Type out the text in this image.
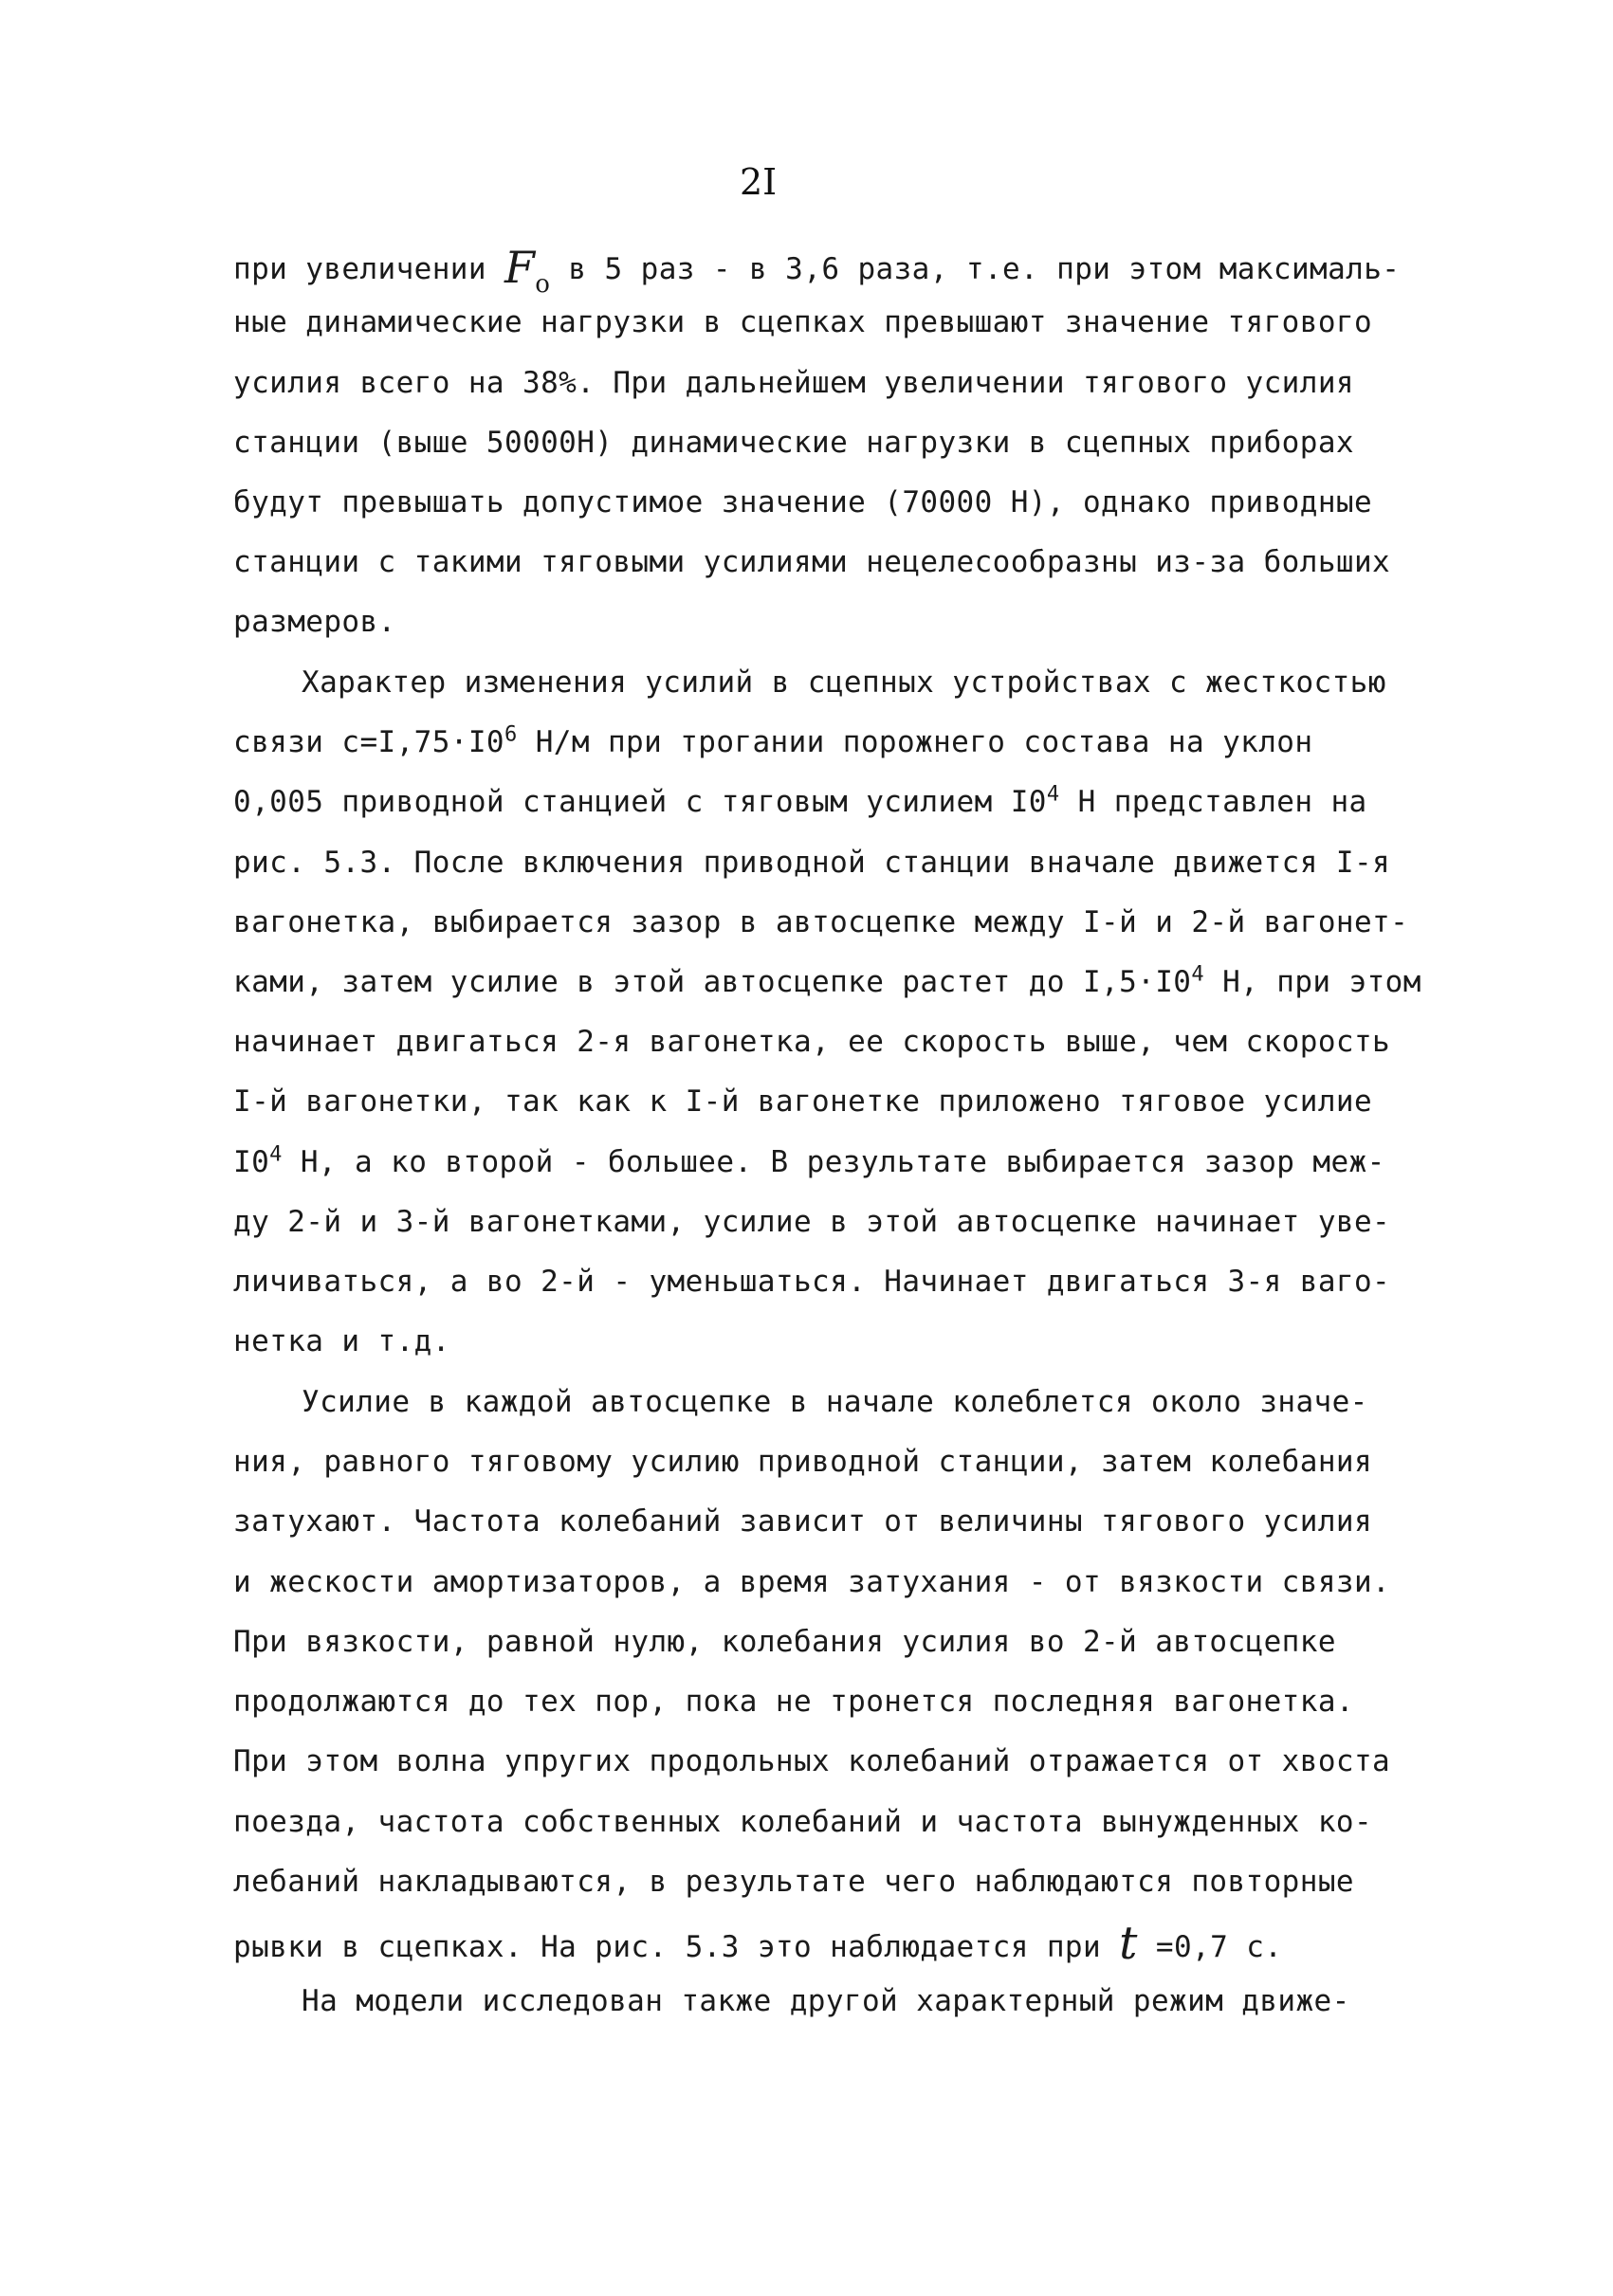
2I
при увеличении $F_о$ в 5 раз - в 3,6 раза, т.е. при этом максималь-
ные динамические нагрузки в сцепках превышают значение тягового
усилия всего на 38%. При дальнейшем увеличении тягового усилия
станции (выше 50000Н) динамические нагрузки в сцепных приборах
будут превышать допустимое значение (70000 Н), однако приводные
станции с такими тяговыми усилиями нецелесообразны из-за больших
размеров.
Характер изменения усилий в сцепных устройствах с жесткостью
связи $с=I,75\cdot I0^6$ Н/м при трогании порожнего состава на уклон
0,005 приводной станцией с тяговым усилием $I0^4$ Н представлен на
рис. 5.3. После включения приводной станции вначале движется I-я
вагонетка, выбирается зазор в автосцепке между I-й и 2-й вагонет-
ками, затем усилие в этой автосцепке растет до $I,5\cdot I0^4$ Н, при этом
начинает двигаться 2-я вагонетка, ее скорость выше, чем скорость
I-й вагонетки, так как к I-й вагонетке приложено тяговое усилие
$I0^4$ Н, а ко второй - большее. В результате выбирается зазор меж-
ду 2-й и 3-й вагонетками, усилие в этой автосцепке начинает уве-
личиваться, а во 2-й - уменьшаться. Начинает двигаться 3-я ваго-
нетка и т.д.
Усилие в каждой автосцепке в начале колеблется около значе-
ния, равного тяговому усилию приводной станции, затем колебания
затухают. Частота колебаний зависит от величины тягового усилия
и жескости амортизаторов, а время затухания - от вязкости связи.
При вязкости, равной нулю, колебания усилия во 2-й автосцепке
продолжаются до тех пор, пока не тронется последняя вагонетка.
При этом волна упругих продольных колебаний отражается от хвоста
поезда, частота собственных колебаний и частота вынужденных ко-
лебаний накладываются, в результате чего наблюдаются повторные
рывки в сцепках. На рис. 5.3 это наблюдается при t =0,7 с.
На модели исследован также другой характерный режим движе-
